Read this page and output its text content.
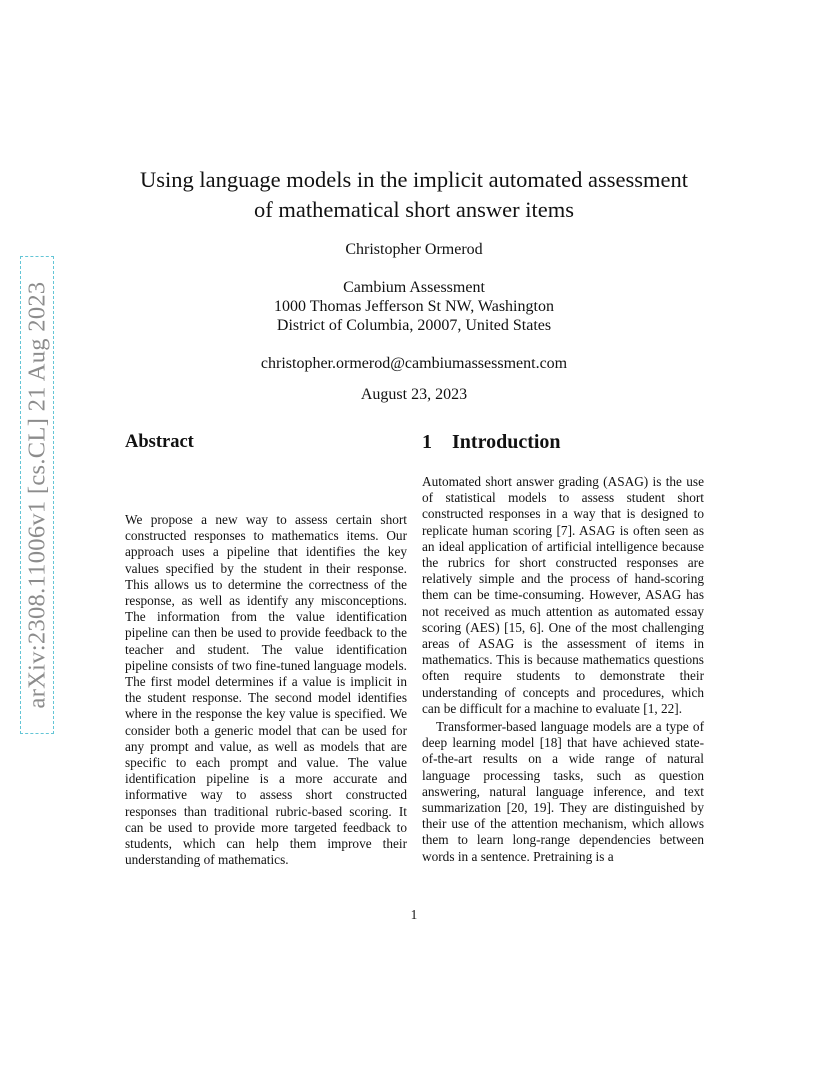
arXiv:2308.11006v1 [cs.CL] 21 Aug 2023
Using language models in the implicit automated assessment
of mathematical short answer items
Christopher Ormerod
Cambium Assessment
1000 Thomas Jefferson St NW, Washington
District of Columbia, 20007, United States
christopher.ormerod@cambiumassessment.com
August 23, 2023
Abstract	1 Introduction

We propose a new way to assess certain short constructed responses to mathematics items. Our approach uses a pipeline that identifies the key values specified by the student in their response. This allows us to determine the correctness of the response, as well as identify any misconceptions. The information from the value identification pipeline can then be used to provide feedback to the teacher and student. The value identification pipeline consists of two fine-tuned language models. The first model determines if a value is implicit in the student response. The second model identifies where in the response the key value is specified. We consider both a generic model that can be used for any prompt and value, as well as models that are specific to each prompt and value. The value identification pipeline is a more accurate and informative way to assess short constructed responses than traditional rubric-based scoring. It can be used to provide more targeted feedback to students, which can help them improve their understanding of mathematics.

Automated short answer grading (ASAG) is the use of statistical models to assess student short constructed responses in a way that is designed to replicate human scoring [7]. ASAG is often seen as an ideal application of artificial intelligence because the rubrics for short constructed responses are relatively simple and the process of hand-scoring them can be time-consuming. However, ASAG has not received as much attention as automated essay scoring (AES) [15, 6]. One of the most challenging areas of ASAG is the assessment of items in mathematics. This is because mathematics questions often require students to demonstrate their understanding of concepts and procedures, which can be difficult for a machine to evaluate [1, 22].

Transformer-based language models are a type of deep learning model [18] that have achieved state-of-the-art results on a wide range of natural language processing tasks, such as question answering, natural language inference, and text summarization [20, 19]. They are distinguished by their use of the attention mechanism, which allows them to learn long-range dependencies between words in a sentence. Pretraining is a

1
